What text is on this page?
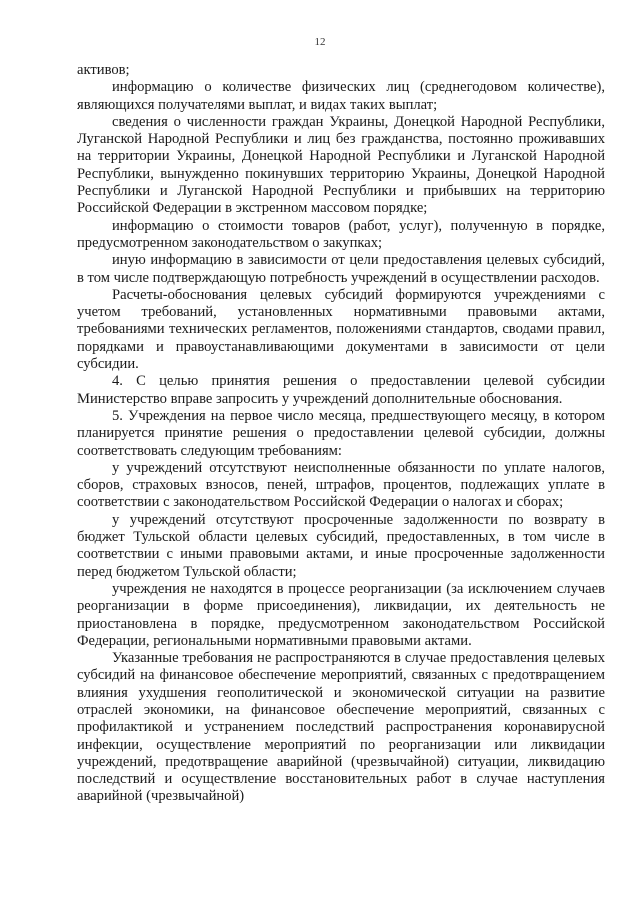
12

активов;

информацию о количестве физических лиц (среднегодовом количестве), являющихся получателями выплат, и видах таких выплат;

сведения о численности граждан Украины, Донецкой Народной Республики, Луганской Народной Республики и лиц без гражданства, постоянно проживавших на территории Украины, Донецкой Народной Республики и Луганской Народной Республики, вынужденно покинувших территорию Украины, Донецкой Народной Республики и Луганской Народной Республики и прибывших на территорию Российской Федерации в экстренном массовом порядке;

информацию о стоимости товаров (работ, услуг), полученную в порядке, предусмотренном законодательством о закупках;

иную информацию в зависимости от цели предоставления целевых субсидий, в том числе подтверждающую потребность учреждений в осуществлении расходов.

Расчеты-обоснования целевых субсидий формируются учреждениями с учетом требований, установленных нормативными правовыми актами, требованиями технических регламентов, положениями стандартов, сводами правил, порядками и правоустанавливающими документами в зависимости от цели субсидии.

4. С целью принятия решения о предоставлении целевой субсидии Министерство вправе запросить у учреждений дополнительные обоснования.

5. Учреждения на первое число месяца, предшествующего месяцу, в котором планируется принятие решения о предоставлении целевой субсидии, должны соответствовать следующим требованиям:

у учреждений отсутствуют неисполненные обязанности по уплате налогов, сборов, страховых взносов, пеней, штрафов, процентов, подлежащих уплате в соответствии с законодательством Российской Федерации о налогах и сборах;

у учреждений отсутствуют просроченные задолженности по возврату в бюджет Тульской области целевых субсидий, предоставленных, в том числе в соответствии с иными правовыми актами, и иные просроченные задолженности перед бюджетом Тульской области;

учреждения не находятся в процессе реорганизации (за исключением случаев реорганизации в форме присоединения), ликвидации, их деятельность не приостановлена в порядке, предусмотренном законодательством Российской Федерации, региональными нормативными правовыми актами.

Указанные требования не распространяются в случае предоставления целевых субсидий на финансовое обеспечение мероприятий, связанных с предотвращением влияния ухудшения геополитической и экономической ситуации на развитие отраслей экономики, на финансовое обеспечение мероприятий, связанных с профилактикой и устранением последствий распространения коронавирусной инфекции, осуществление мероприятий по реорганизации или ликвидации учреждений, предотвращение аварийной (чрезвычайной) ситуации, ликвидацию последствий и осуществление восстановительных работ в случае наступления аварийной (чрезвычайной)
